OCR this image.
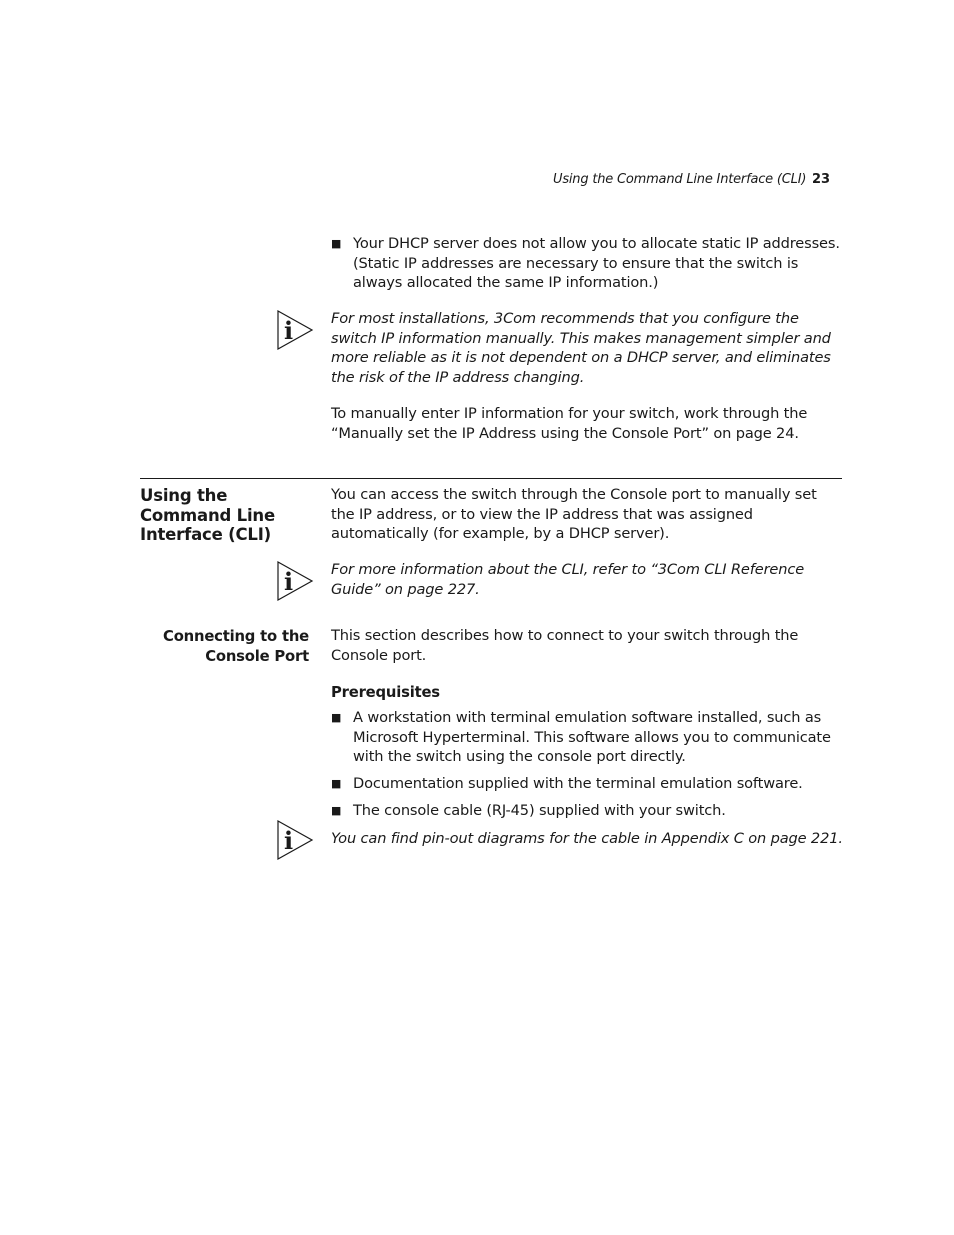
Using the Command Line Interface (CLI) 23
■ Your DHCP server does not allow you to allocate static IP addresses. (Static IP addresses are necessary to ensure that the switch is always allocated the same IP information.)
i	For most installations, 3Com recommends that you configure the switch IP information manually. This makes management simpler and more reliable as it is not dependent on a DHCP server, and eliminates the risk of the IP address changing.
To manually enter IP information for your switch, work through the “Manually set the IP Address using the Console Port” on page 24.
Using the Command Line Interface (CLI)
You can access the switch through the Console port to manually set the IP address, or to view the IP address that was assigned automatically (for example, by a DHCP server).
i	For more information about the CLI, refer to “3Com CLI Reference Guide” on page 227.
Connecting to the Console Port
This section describes how to connect to your switch through the Console port.
Prerequisites
■ A workstation with terminal emulation software installed, such as Microsoft Hyperterminal. This software allows you to communicate with the switch using the console port directly.
■ Documentation supplied with the terminal emulation software.
■ The console cable (RJ-45) supplied with your switch.
i	You can find pin-out diagrams for the cable in Appendix C on page 221.
